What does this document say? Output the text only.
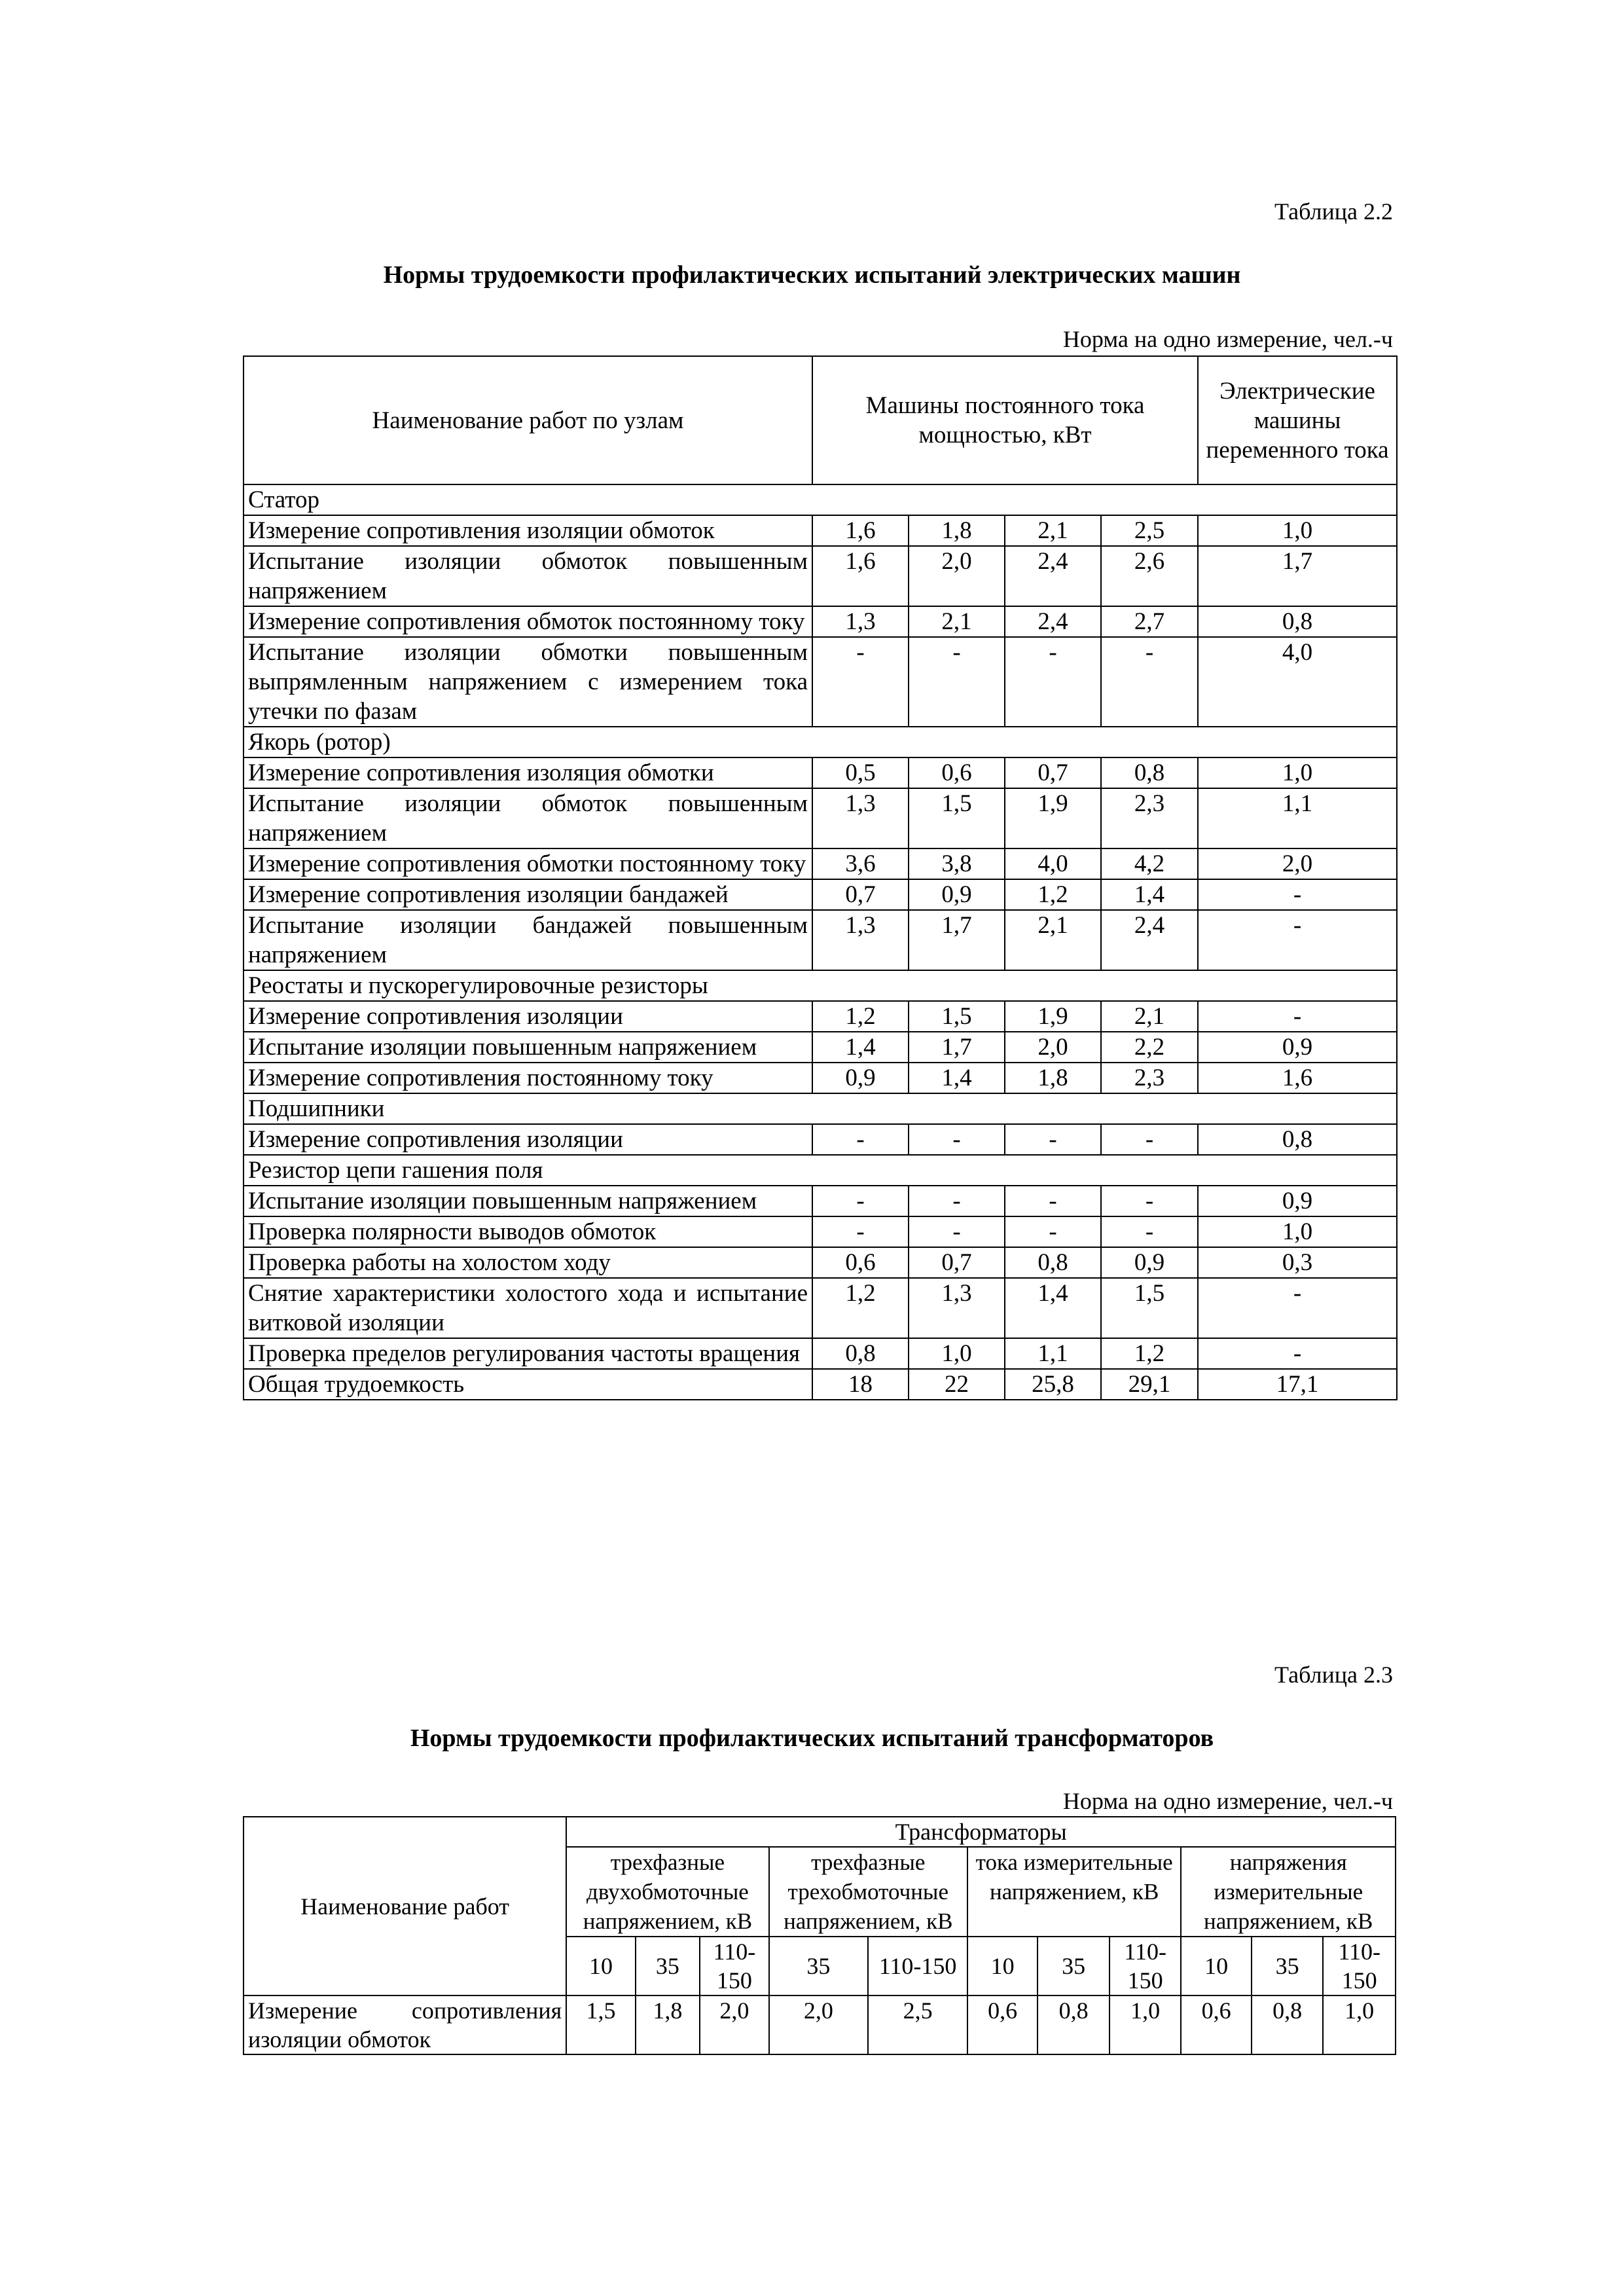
Таблица 2.2
Нормы трудоемкости профилактических испытаний электрических машин
Норма на одно измерение, чел.-ч
Наименование работ по узлам	Машины постоянного тока мощностью, кВт				Электрические машины переменного тока
Статор					
Измерение сопротивления изоляции обмоток	1,6	1,8	2,1	2,5	1,0
Испытание изоляции обмоток повышенным напряжением	1,6	2,0	2,4	2,6	1,7
Измерение сопротивления обмоток постоянному току	1,3	2,1	2,4	2,7	0,8
Испытание изоляции обмотки повышенным выпрямленным напряжением с измерением тока утечки по фазам	-	-	-	-	4,0
Якорь (ротор)					
Измерение сопротивления изоляция обмотки	0,5	0,6	0,7	0,8	1,0
Испытание изоляции обмоток повышенным напряжением	1,3	1,5	1,9	2,3	1,1
Измерение сопротивления обмотки постоянному току	3,6	3,8	4,0	4,2	2,0
Измерение сопротивления изоляции бандажей	0,7	0,9	1,2	1,4	-
Испытание изоляции бандажей повышенным напряжением	1,3	1,7	2,1	2,4	-
Реостаты и пускорегулировочные резисторы					
Измерение сопротивления изоляции	1,2	1,5	1,9	2,1	-
Испытание изоляции повышенным напряжением	1,4	1,7	2,0	2,2	0,9
Измерение сопротивления постоянному току	0,9	1,4	1,8	2,3	1,6
Подшипники					
Измерение сопротивления изоляции	-	-	-	-	0,8
Резистор цепи гашения поля					
Испытание изоляции повышенным напряжением	-	-	-	-	0,9
Проверка полярности выводов обмоток	-	-	-	-	1,0
Проверка работы на холостом ходу	0,6	0,7	0,8	0,9	0,3
Снятие характеристики холостого хода и испытание витковой изоляции	1,2	1,3	1,4	1,5	-
Проверка пределов регулирования частоты вращения	0,8	1,0	1,1	1,2	-
Общая трудоемкость	18	22	25,8	29,1	17,1
Таблица 2.3
Нормы трудоемкости профилактических испытаний трансформаторов
Норма на одно измерение, чел.-ч
Наименование работ	Трансформаторы										
	трехфазные двухобмоточные напряжением, кВ			трехфазные трехобмоточные напряжением, кВ		тока измерительные напряжением, кВ			напряжения измерительные напряжением, кВ		
	10	35	110-150	35	110-150	10	35	110-150	10	35	110-150
Измерение сопротивления изоляции обмоток	1,5	1,8	2,0	2,0	2,5	0,6	0,8	1,0	0,6	0,8	1,0
